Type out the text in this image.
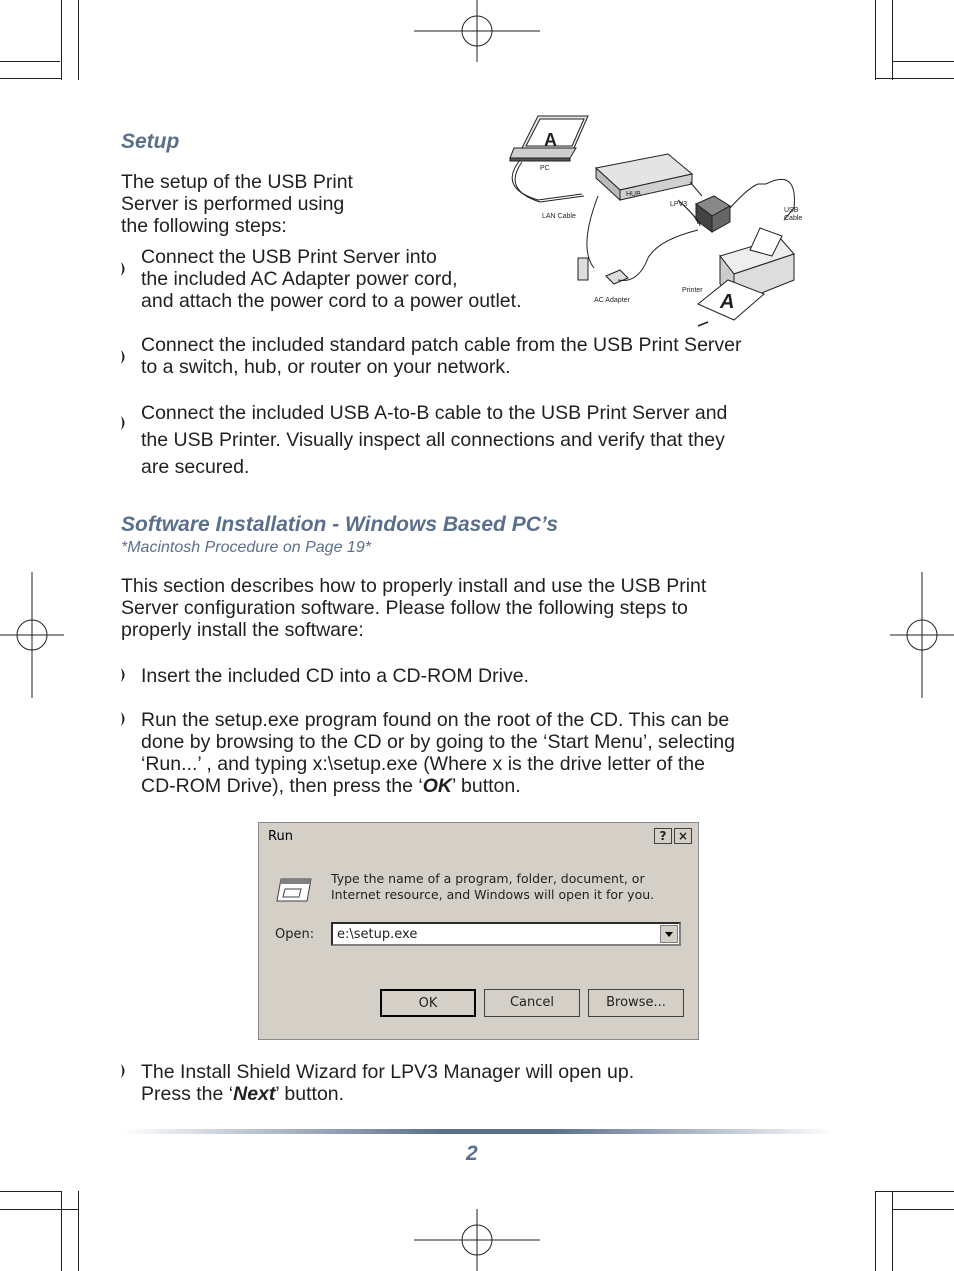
Setup
The setup of the USB Print
Server is performed using
the following steps:
Connect the USB Print Server into
the included AC Adapter power cord,
and attach the power cord to a power outlet.
Connect the included standard patch cable from the USB Print Server
to a switch, hub, or router on your network.
Connect the included USB A-to-B cable to the USB Print Server and
the USB Printer. Visually inspect all connections and verify that they
are secured.
A
PC
HUB
LAN Cable
LPV3
USB
Cable
AC Adapter
Printer
A
Software Installation - Windows Based PC’s
*Macintosh Procedure on Page 19*
This section describes how to properly install and use the USB Print
Server configuration software. Please follow the following steps to
properly install the software:
Insert the included CD into a CD-ROM Drive.
Run the setup.exe program found on the root of the CD. This can be
done by browsing to the CD or by going to the ‘Start Menu’, selecting
‘Run...’ , and typing x:\setup.exe (Where x is the drive letter of the
CD-ROM Drive), then press the ‘OK’ button.
Run	? ×
Type the name of a program, folder, document, or
Internet resource, and Windows will open it for you.
Open: e:\setup.exe
OK	Cancel	Browse...
The Install Shield Wizard for LPV3 Manager will open up.
Press the ‘Next’ button.
2
